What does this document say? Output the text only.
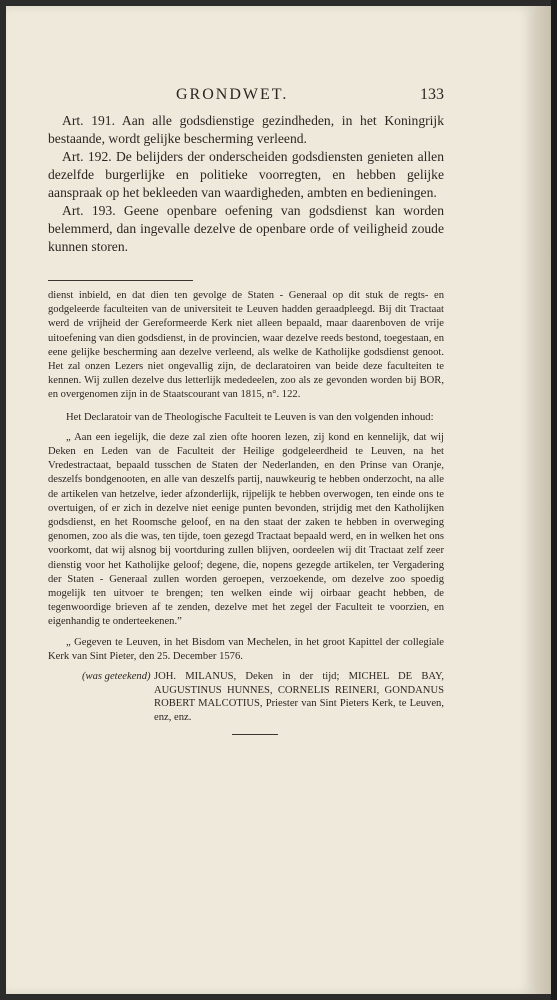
GRONDWET.	133

Art. 191. Aan alle godsdienstige gezindheden, in het Koningrijk bestaande, wordt gelijke bescherming verleend.

Art. 192. De belijders der onderscheiden godsdiensten genieten allen dezelfde burgerlijke en politieke voorregten, en hebben gelijke aanspraak op het bekleeden van waardigheden, ambten en bedieningen.

Art. 193. Geene openbare oefening van godsdienst kan worden belemmerd, dan ingevalle dezelve de openbare orde of veiligheid zoude kunnen storen.

dienst inbield, en dat dien ten gevolge de Staten - Generaal op dit stuk de regts- en godgeleerde faculteiten van de universiteit te Leuven hadden geraadpleegd. Bij dit Tractaat werd de vrijheid der Gereformeerde Kerk niet alleen bepaald, maar daarenboven de vrije uitoefening van dien godsdienst, in de provincien, waar dezelve reeds bestond, toegestaan, en eene gelijke bescherming aan dezelve verleend, als welke de Katholijke godsdienst genoot. Het zal onzen Lezers niet ongevallig zijn, de declaratoiren van beide deze faculteiten te kennen. Wij zullen dezelve dus letterlijk mededeelen, zoo als ze gevonden worden bij BOR, en overgenomen zijn in de Staatscourant van 1815, n°. 122.

Het Declaratoir van de Theologische Faculteit te Leuven is van den volgenden inhoud:

„ Aan een iegelijk, die deze zal zien ofte hooren lezen, zij kond en kennelijk, dat wij Deken en Leden van de Faculteit der Heilige godgeleerdheid te Leuven, na het Vredestractaat, bepaald tusschen de Staten der Nederlanden, en den Prinse van Oranje, deszelfs bondgenooten, en alle van deszelfs partij, nauwkeurig te hebben onderzocht, na alle de artikelen van hetzelve, ieder afzonderlijk, rijpelijk te hebben overwogen, ten einde ons te overtuigen, of er zich in dezelve niet eenige punten bevonden, strijdig met den Katholijken godsdienst, en het Roomsche geloof, en na den staat der zaken te hebben in overweging genomen, zoo als die was, ten tijde, toen gezegd Tractaat bepaald werd, en in welken het ons voorkomt, dat wij alsnog bij voortduring zullen blijven, oordeelen wij dit Tractaat zelf zeer dienstig voor het Katholijke geloof; degene, die, nopens gezegde artikelen, ter Vergadering der Staten - Generaal zullen worden geroepen, verzoekende, om dezelve zoo spoedig mogelijk ten uitvoer te brengen; ten welken einde wij oirbaar geacht hebben, de tegenwoordige brieven af te zenden, dezelve met het zegel der Faculteit te voorzien, en eigenhandig te onderteekenen.”

„ Gegeven te Leuven, in het Bisdom van Mechelen, in het groot Kapittel der collegiale Kerk van Sint Pieter, den 25. December 1576.

(was geteekend) JOH. MILANUS, Deken in der tijd; MICHEL DE BAY, AUGUSTINUS HUNNES, CORNELIS REINERI, GONDANUS ROBERT MALCOTIUS, Priester van Sint Pieters Kerk, te Leuven, enz, enz.
